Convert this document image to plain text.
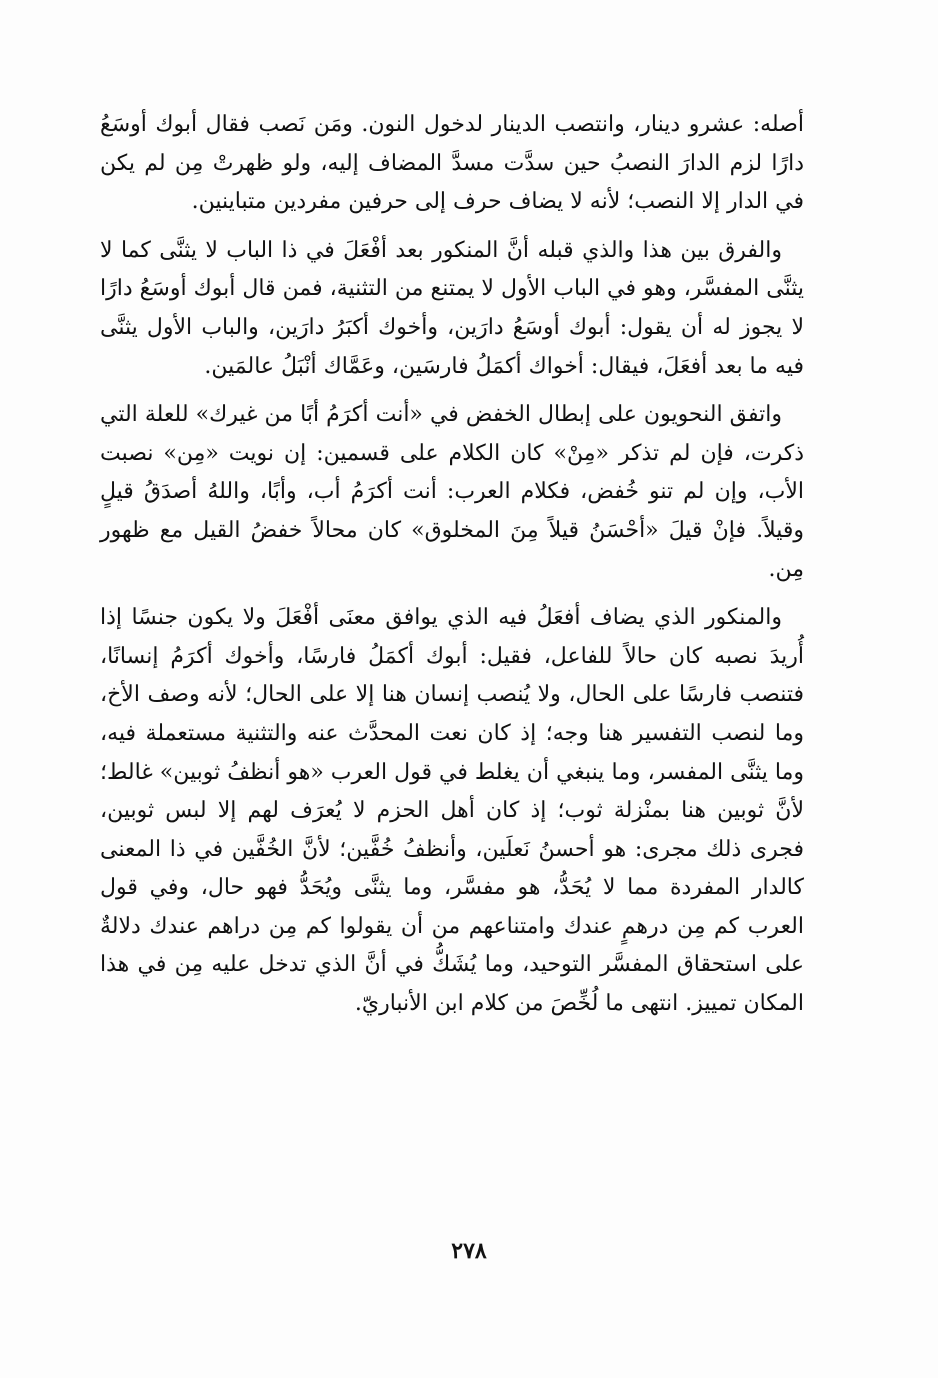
أصله: عشرو دينار، وانتصب الدينار لدخول النون. ومَن نَصب فقال أبوك أوسَعُ دارًا لزم الدارَ النصبُ حين سدَّت مسدَّ المضاف إليه، ولو ظهرتْ مِن لم يكن في الدار إلا النصب؛ لأنه لا يضاف حرف إلى حرفين مفردين متباينين.

والفرق بين هذا والذي قبله أنَّ المنكور بعد أفْعَلَ في ذا الباب لا يثنَّى كما لا يثنَّى المفسَّر، وهو في الباب الأول لا يمتنع من التثنية، فمن قال أبوك أوسَعُ دارًا لا يجوز له أن يقول: أبوك أوسَعُ دارَين، وأخوك أكبَرُ دارَين، والباب الأول يثنَّى فيه ما بعد أفعَلَ، فيقال: أخواك أكمَلُ فارسَين، وعَمَّاك أنْبَلُ عالمَين.

واتفق النحويون على إبطال الخفض في «أنت أكرَمُ أبًا من غيرك» للعلة التي ذكرت، فإن لم تذكر «مِنْ» كان الكلام على قسمين: إن نويت «مِن» نصبت الأب، وإن لم تنو خُفض، فكلام العرب: أنت أكرَمُ أب، وأبًا، واللهُ أصدَقُ قيلٍ وقيلاً. فإنْ قيلَ «أحْسَنُ قيلاً مِنَ المخلوق» كان محالاً خفضُ القيل مع ظهور مِن.

والمنكور الذي يضاف أفعَلُ فيه الذي يوافق معنَى أفْعَلَ ولا يكون جنسًا إذا أُريدَ نصبه كان حالاً للفاعل، فقيل: أبوك أكمَلُ فارسًا، وأخوك أكرَمُ إنسانًا، فتنصب فارسًا على الحال، ولا يُنصب إنسان هنا إلا على الحال؛ لأنه وصف الأخ، وما لنصب التفسير هنا وجه؛ إذ كان نعت المحدَّث عنه والتثنية مستعملة فيه، وما يثنَّى المفسر، وما ينبغي أن يغلط في قول العرب «هو أنظفُ ثوبين» غالط؛ لأنَّ ثوبين هنا بمنْزلة ثوب؛ إذ كان أهل الحزم لا يُعرَف لهم إلا لبس ثوبين، فجرى ذلك مجرى: هو أحسنُ نَعلَين، وأنظفُ خُفَّين؛ لأنَّ الخُفَّين في ذا المعنى كالدار المفردة مما لا يُحَدُّ، هو مفسَّر، وما يثنَّى ويُحَدُّ فهو حال، وفي قول العرب كم مِن درهمٍ عندك وامتناعهم من أن يقولوا كم مِن دراهم عندك دلالةٌ على استحقاق المفسَّر التوحيد، وما يُشَكُّ في أنَّ الذي تدخل عليه مِن في هذا المكان تمييز. انتهى ما لُخِّصَ من كلام ابن الأنباريّ.

٢٧٨
